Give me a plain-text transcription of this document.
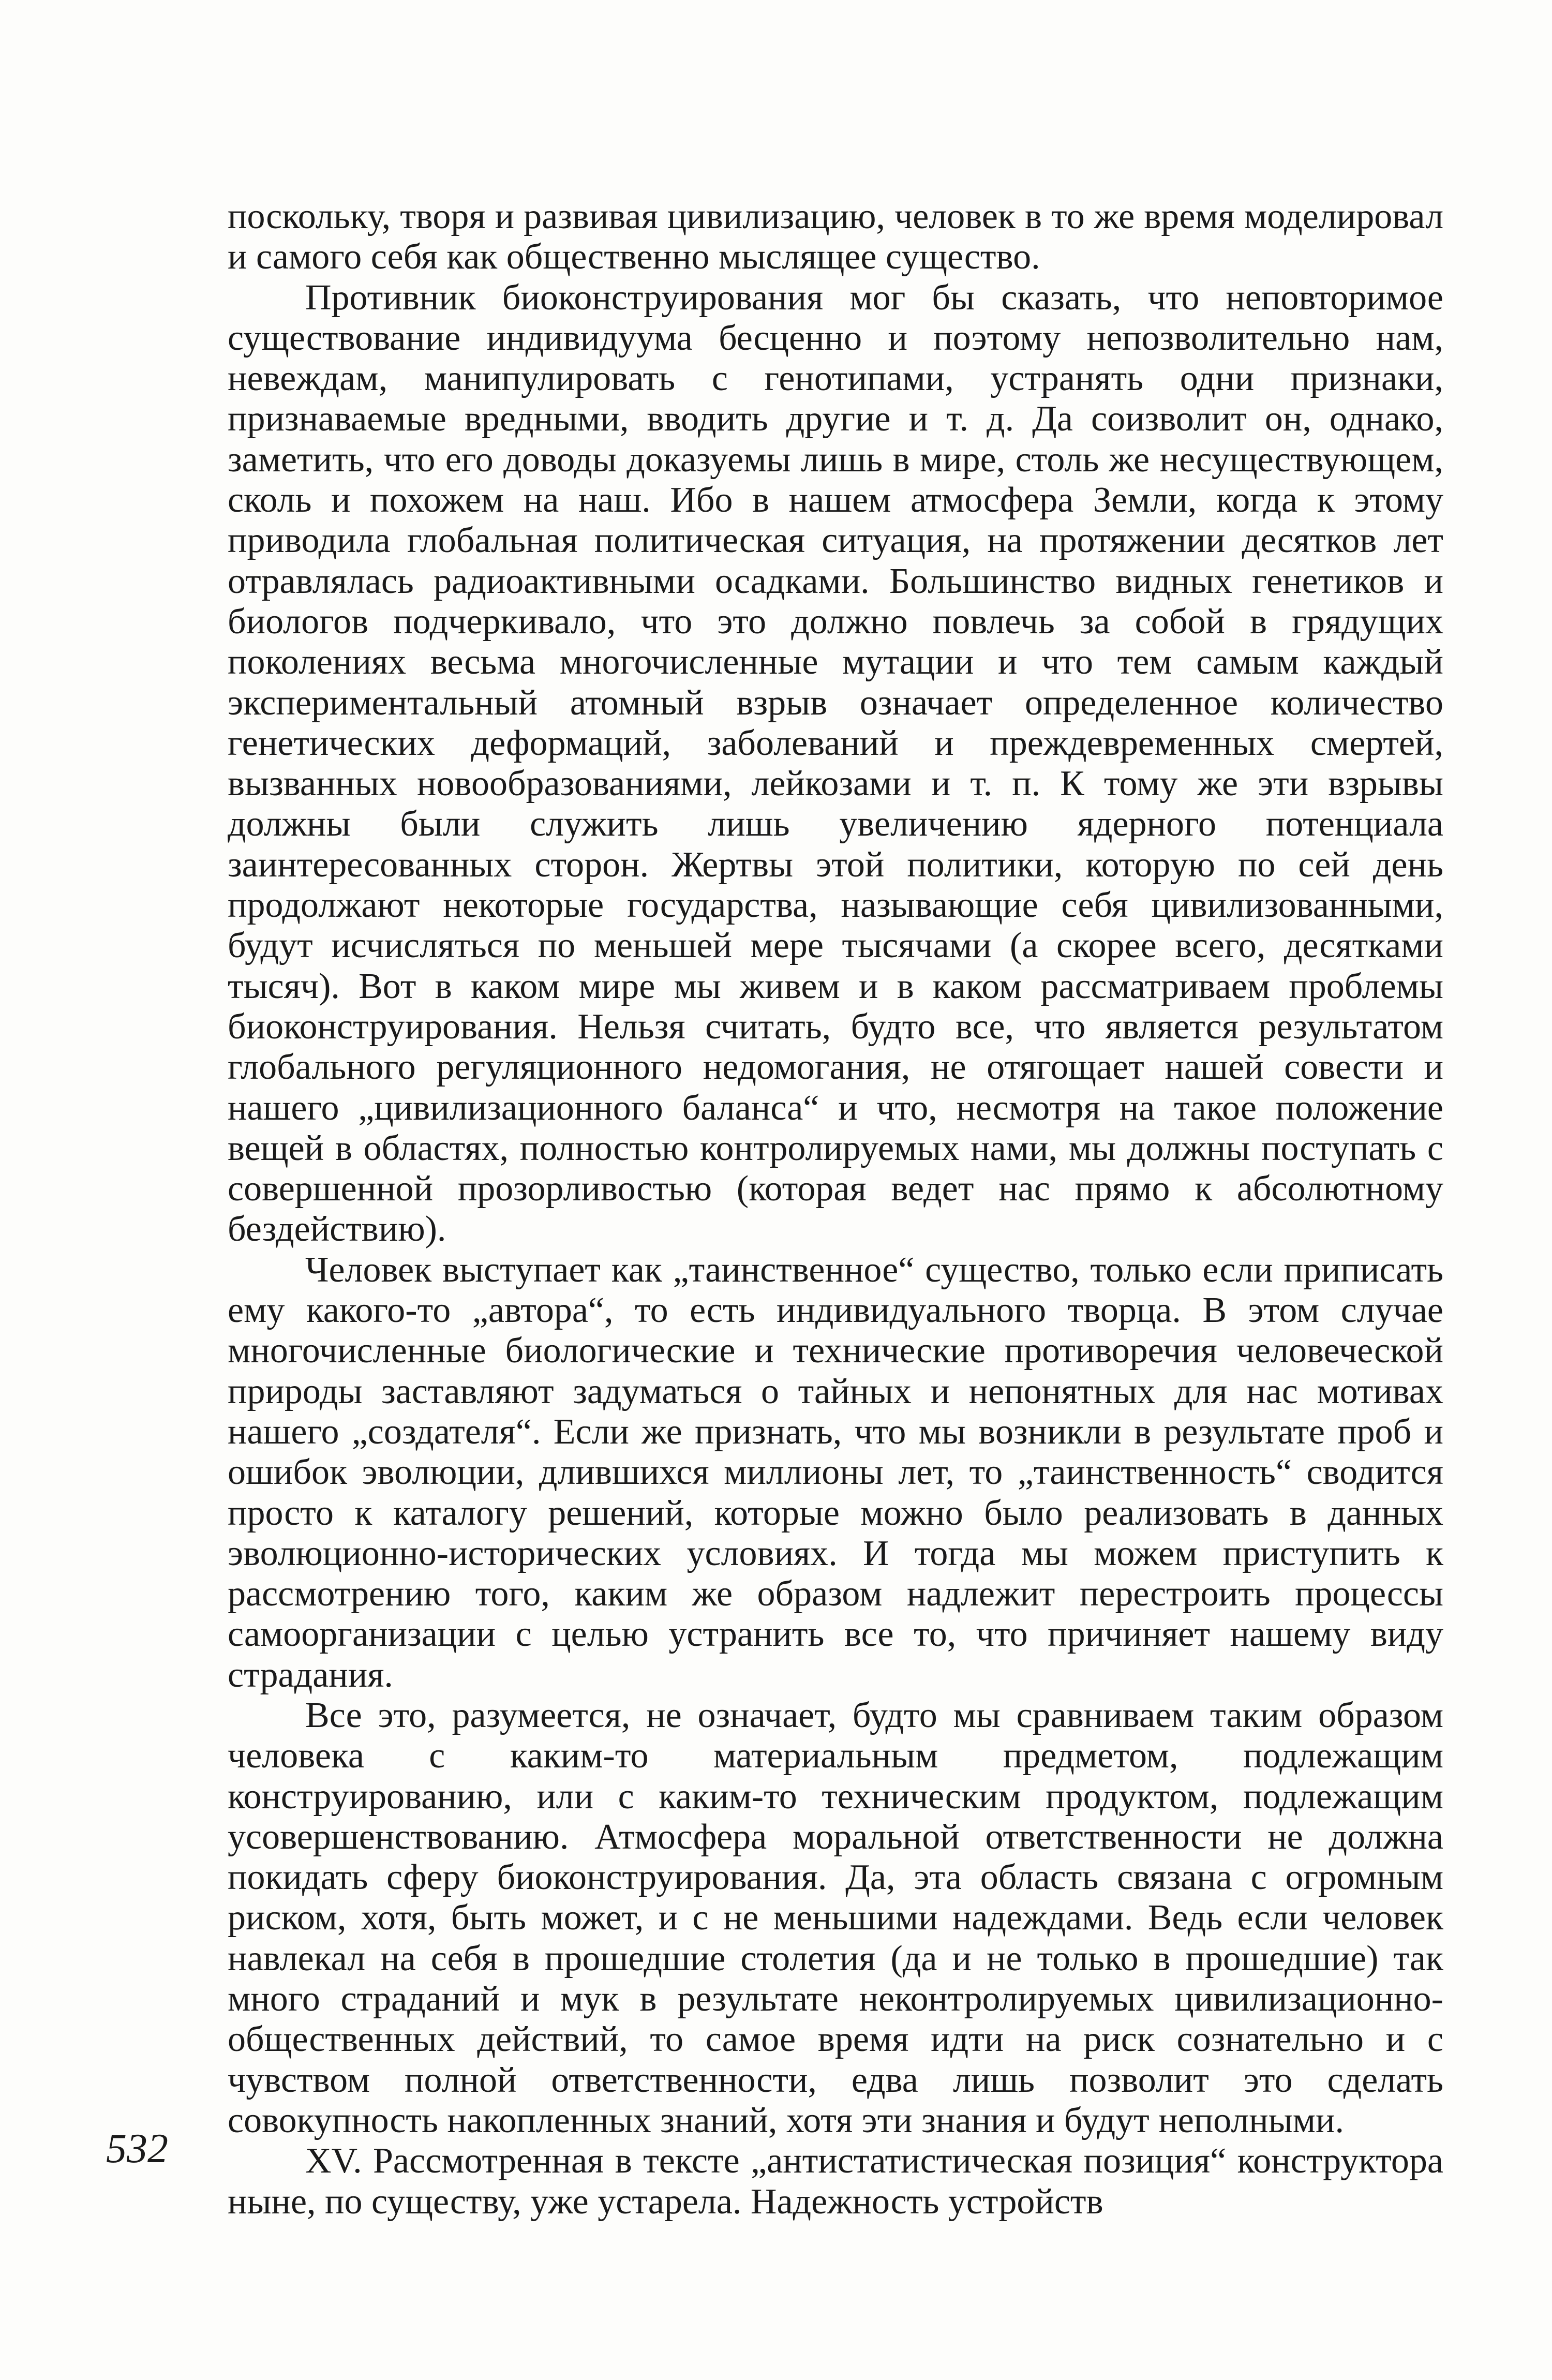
поскольку, творя и развивая цивилизацию, человек в то же время моделировал и самого себя как общественно мыслящее существо.

Противник биоконструирования мог бы сказать, что неповторимое существование индивидуума бесценно и поэтому непозволительно нам, невеждам, манипулировать с генотипами, устранять одни признаки, признаваемые вредными, вводить другие и т. д. Да соизволит он, однако, заметить, что его доводы доказуемы лишь в мире, столь же несуществующем, сколь и похожем на наш. Ибо в нашем атмосфера Земли, когда к этому приводила глобальная политическая ситуация, на протяжении десятков лет отравлялась радиоактивными осадками. Большинство видных генетиков и биологов подчеркивало, что это должно повлечь за собой в грядущих поколениях весьма многочисленные мутации и что тем самым каждый экспериментальный атомный взрыв означает определенное количество генетических деформаций, заболеваний и преждевременных смертей, вызванных новообразованиями, лейкозами и т. п. К тому же эти взрывы должны были служить лишь увеличению ядерного потенциала заинтересованных сторон. Жертвы этой политики, которую по сей день продолжают некоторые государства, называющие себя цивилизованными, будут исчисляться по меньшей мере тысячами (а скорее всего, десятками тысяч). Вот в каком мире мы живем и в каком рассматриваем проблемы биоконструирования. Нельзя считать, будто все, что является результатом глобального регуляционного недомогания, не отягощает нашей совести и нашего „цивилизационного баланса“ и что, несмотря на такое положение вещей в областях, полностью контролируемых нами, мы должны поступать с совершенной прозорливостью (которая ведет нас прямо к абсолютному бездействию).

Человек выступает как „таинственное“ существо, только если приписать ему какого-то „автора“, то есть индивидуального творца. В этом случае многочисленные биологические и технические противоречия человеческой природы заставляют задуматься о тайных и непонятных для нас мотивах нашего „создателя“. Если же признать, что мы возникли в результате проб и ошибок эволюции, длившихся миллионы лет, то „таинственность“ сводится просто к каталогу решений, которые можно было реализовать в данных эволюционно-исторических условиях. И тогда мы можем приступить к рассмотрению того, каким же образом надлежит перестроить процессы самоорганизации с целью устранить все то, что причиняет нашему виду страдания.

Все это, разумеется, не означает, будто мы сравниваем таким образом человека с каким-то материальным предметом, подлежащим конструированию, или с каким-то техническим продуктом, подлежащим усовершенствованию. Атмосфера моральной ответственности не должна покидать сферу биоконструирования. Да, эта область связана с огромным риском, хотя, быть может, и с не меньшими надеждами. Ведь если человек навлекал на себя в прошедшие столетия (да и не только в прошедшие) так много страданий и мук в результате неконтролируемых цивилизационно-общественных действий, то самое время идти на риск сознательно и с чувством полной ответственности, едва лишь позволит это сделать совокупность накопленных знаний, хотя эти знания и будут неполными.

XV. Рассмотренная в тексте „антистатистическая позиция“ конструктора ныне, по существу, уже устарела. Надежность устройств

532
